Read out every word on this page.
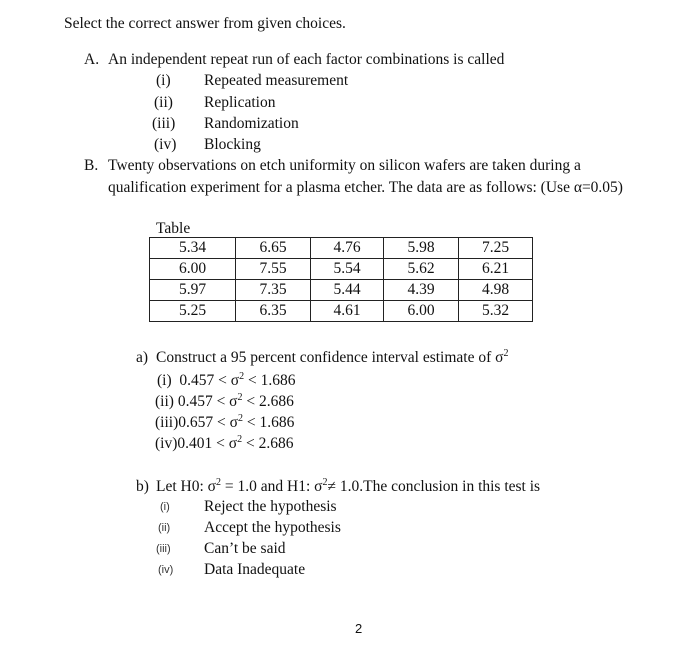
Select the correct answer from given choices.
A. An independent repeat run of each factor combinations is called
(i) Repeated measurement
(ii) Replication
(iii) Randomization
(iv) Blocking
B. Twenty observations on etch uniformity on silicon wafers are taken during a
qualification experiment for a plasma etcher. The data are as follows: (Use α=0.05)
Table
5.34	6.65	4.76	5.98	7.25
6.00	7.55	5.54	5.62	6.21
5.97	7.35	5.44	4.39	4.98
5.25	6.35	4.61	6.00	5.32
a) Construct a 95 percent confidence interval estimate of $\sigma^2$
(i) $0.457 < \sigma^2 < 1.686$
(ii) $0.457 < \sigma^2 < 2.686$
$(iii)0.657 < \sigma^2 < 1.686$
$(iv)0.401 < \sigma^2 < 2.686$
b) Let H0: $\sigma^2 = 1.0$ and H1: $\sigma^2\ne 1.0.The$ conclusion in this test is
(i) Reject the hypothesis
(ii) Accept the hypothesis
(iii) Can’t be said
(iv) Data Inadequate
2
